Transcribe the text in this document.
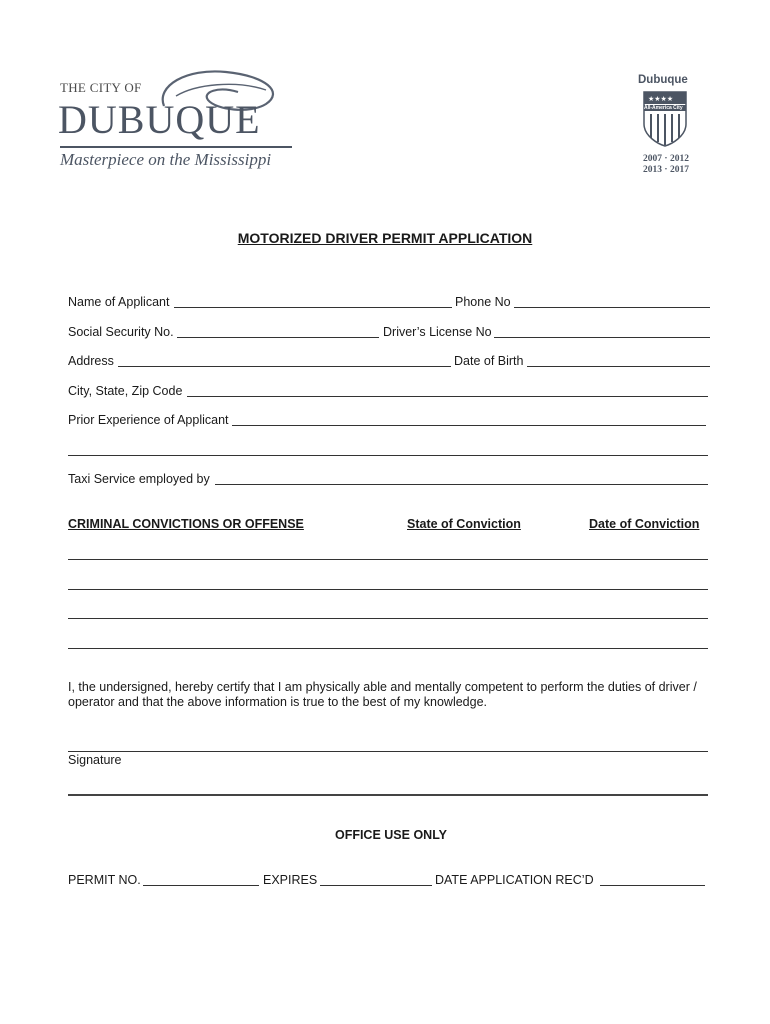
THE CITY OF
DUBUQUE
Masterpiece on the Mississippi
Dubuque
★★★★
All-America City
2007 · 2012
2013 · 2017
MOTORIZED DRIVER PERMIT APPLICATION
Name of Applicant	Phone No
Social Security No.	Driver’s License No
Address	Date of Birth
City, State, Zip Code
Prior Experience of Applicant
Taxi Service employed by
CRIMINAL CONVICTIONS OR OFFENSE	State of Conviction	Date of Conviction
I, the undersigned, hereby certify that I am physically able and mentally competent to perform the duties of driver / operator and that the above information is true to the best of my knowledge.
Signature
OFFICE USE ONLY
PERMIT NO.	EXPIRES	DATE APPLICATION REC’D
